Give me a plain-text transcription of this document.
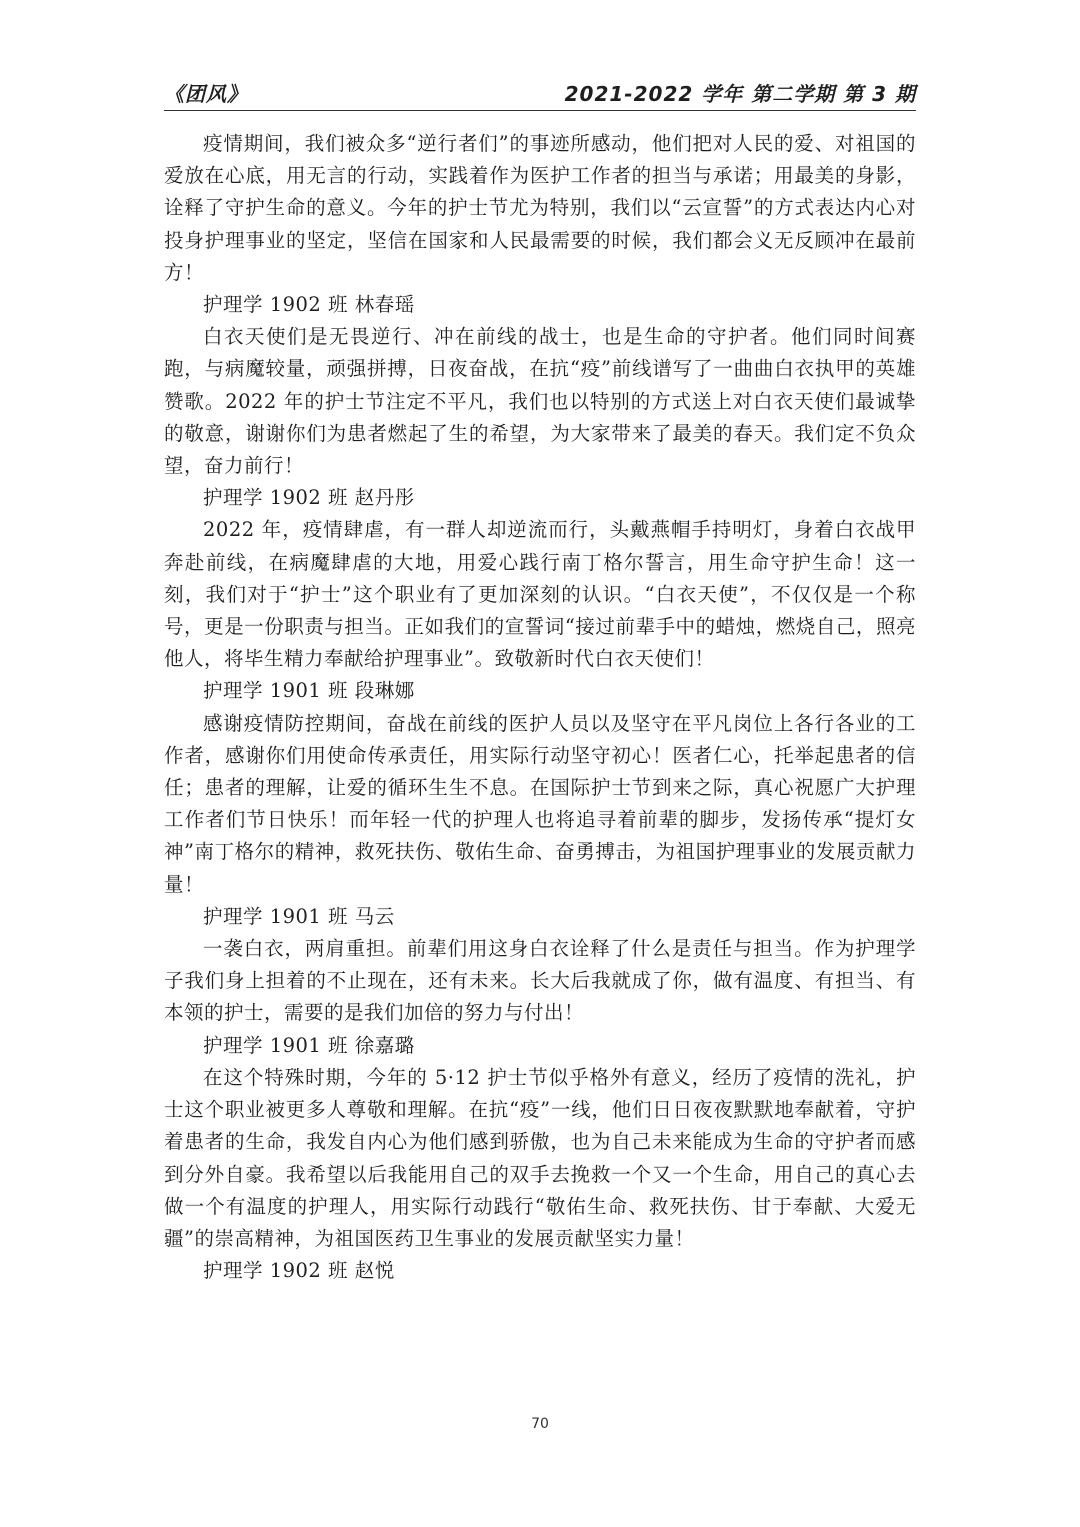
《团风》	2021-2022 学年 第二学期 第 3 期

疫情期间，我们被众多“逆行者们”的事迹所感动，他们把对人民的爱、对祖国的爱放在心底，用无言的行动，实践着作为医护工作者的担当与承诺；用最美的身影，诠释了守护生命的意义。今年的护士节尤为特别，我们以“云宣誓”的方式表达内心对投身护理事业的坚定，坚信在国家和人民最需要的时候，我们都会义无反顾冲在最前方！

护理学 1902 班 林春瑶

白衣天使们是无畏逆行、冲在前线的战士，也是生命的守护者。他们同时间赛跑，与病魔较量，顽强拼搏，日夜奋战，在抗“疫”前线谱写了一曲曲白衣执甲的英雄赞歌。2022 年的护士节注定不平凡，我们也以特别的方式送上对白衣天使们最诚挚的敬意，谢谢你们为患者燃起了生的希望，为大家带来了最美的春天。我们定不负众望，奋力前行！

护理学 1902 班 赵丹彤

2022 年，疫情肆虐，有一群人却逆流而行，头戴燕帽手持明灯，身着白衣战甲奔赴前线，在病魔肆虐的大地，用爱心践行南丁格尔誓言，用生命守护生命！这一刻，我们对于“护士”这个职业有了更加深刻的认识。“白衣天使”，不仅仅是一个称号，更是一份职责与担当。正如我们的宣誓词“接过前辈手中的蜡烛，燃烧自己，照亮他人，将毕生精力奉献给护理事业”。致敬新时代白衣天使们！

护理学 1901 班 段琳娜

感谢疫情防控期间，奋战在前线的医护人员以及坚守在平凡岗位上各行各业的工作者，感谢你们用使命传承责任，用实际行动坚守初心！医者仁心，托举起患者的信任；患者的理解，让爱的循环生生不息。在国际护士节到来之际，真心祝愿广大护理工作者们节日快乐！而年轻一代的护理人也将追寻着前辈的脚步，发扬传承“提灯女神”南丁格尔的精神，救死扶伤、敬佑生命、奋勇搏击，为祖国护理事业的发展贡献力量！

护理学 1901 班 马云

一袭白衣，两肩重担。前辈们用这身白衣诠释了什么是责任与担当。作为护理学子我们身上担着的不止现在，还有未来。长大后我就成了你，做有温度、有担当、有本领的护士，需要的是我们加倍的努力与付出！

护理学 1901 班 徐嘉璐

在这个特殊时期，今年的 5·12 护士节似乎格外有意义，经历了疫情的洗礼，护士这个职业被更多人尊敬和理解。在抗“疫”一线，他们日日夜夜默默地奉献着，守护着患者的生命，我发自内心为他们感到骄傲，也为自己未来能成为生命的守护者而感到分外自豪。我希望以后我能用自己的双手去挽救一个又一个生命，用自己的真心去做一个有温度的护理人，用实际行动践行“敬佑生命、救死扶伤、甘于奉献、大爱无疆”的崇高精神，为祖国医药卫生事业的发展贡献坚实力量！

护理学 1902 班 赵悦

70
